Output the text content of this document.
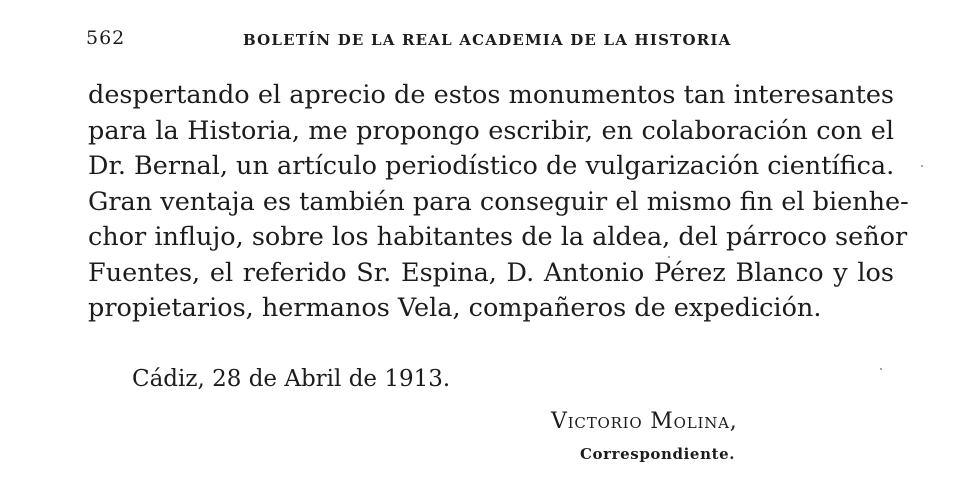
562	BOLETÍN DE LA REAL ACADEMIA DE LA HISTORIA

despertando el aprecio de estos monumentos tan interesantes
para la Historia, me propongo escribir, en colaboración con el
Dr. Bernal, un artículo periodístico de vulgarización científica.
Gran ventaja es también para conseguir el mismo fin el bienhe-
chor influjo, sobre los habitantes de la aldea, del párroco señor
Fuentes, el referido Sr. Espina, D. Antonio Pérez Blanco y los
propietarios, hermanos Vela, compañeros de expedición.

Cádiz, 28 de Abril de 1913.
Victorio Molina,
Correspondiente.
